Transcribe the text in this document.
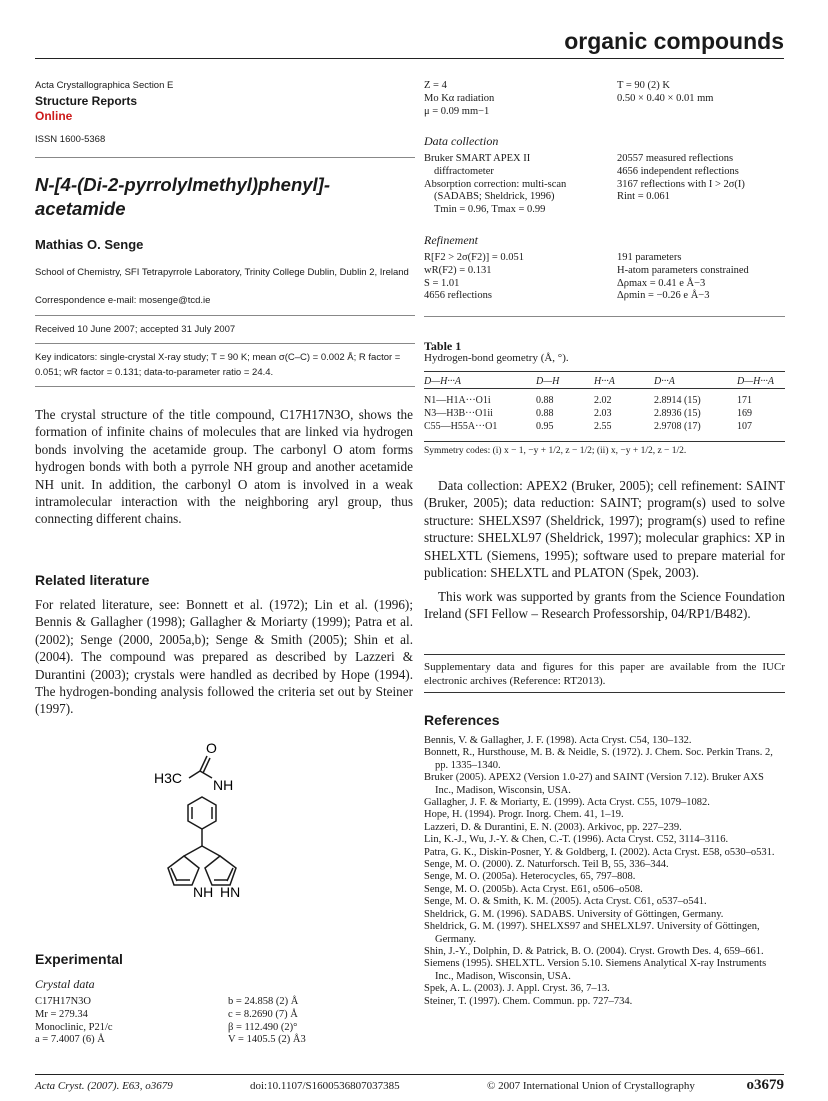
organic compounds
Acta Crystallographica Section E
Structure Reports
Online
ISSN 1600-5368
N-[4-(Di-2-pyrrolylmethyl)phenyl]-
acetamide
Mathias O. Senge
School of Chemistry, SFI Tetrapyrrole Laboratory, Trinity College Dublin, Dublin 2, Ireland
Correspondence e-mail: mosenge@tcd.ie
Received 10 June 2007; accepted 31 July 2007
Key indicators: single-crystal X-ray study; T = 90 K; mean σ(C–C) = 0.002 Å; R factor = 0.051; wR factor = 0.131; data-to-parameter ratio = 24.4.
The crystal structure of the title compound, C17H17N3O, shows the formation of infinite chains of molecules that are linked via hydrogen bonds involving the acetamide group. The carbonyl O atom forms hydrogen bonds with both a pyrrole NH group and another acetamide NH unit. In addition, the carbonyl O atom is involved in a weak intramolecular interaction with the neighboring aryl group, thus connecting different chains.
Related literature
For related literature, see: Bonnett et al. (1972); Lin et al. (1996); Bennis & Gallagher (1998); Gallagher & Moriarty (1999); Patra et al. (2002); Senge (2000, 2005a,b); Senge & Smith (2005); Shin et al. (2004). The compound was prepared as described by Lazzeri & Durantini (2003); crystals were handled as decribed by Hope (1994). The hydrogen-bonding analysis followed the criteria set out by Steiner (1997).
O
H3C NH
NH HN
Experimental
Crystal data
C17H17N3O
Mr = 279.34
Monoclinic, P21/c
a = 7.4007 (6) Å
b = 24.858 (2) Å
c = 8.2690 (7) Å
β = 112.490 (2)°
V = 1405.5 (2) Å3
Z = 4
Mo Kα radiation
μ = 0.09 mm−1
T = 90 (2) K
0.50 × 0.40 × 0.01 mm
Data collection
Bruker SMART APEX II
diffractometer
Absorption correction: multi-scan
(SADABS; Sheldrick, 1996)
Tmin = 0.96, Tmax = 0.99
20557 measured reflections
4656 independent reflections
3167 reflections with I > 2σ(I)
Rint = 0.061
Refinement
R[F2 > 2σ(F2)] = 0.051
wR(F2) = 0.131
S = 1.01
4656 reflections
191 parameters
H-atom parameters constrained
Δρmax = 0.41 e Å−3
Δρmin = −0.26 e Å−3
Table 1
Hydrogen-bond geometry (Å, °).
D—H···A	D—H	H···A	D···A	D—H···A

N1—H1A···O1i	0.88	2.02	2.8914 (15)	171
N3—H3B···O1ii	0.88	2.03	2.8936 (15)	169
C55—H55A···O1	0.95	2.55	2.9708 (17)	107
Symmetry codes: (i) x − 1, −y + 1/2, z − 1/2; (ii) x, −y + 1/2, z − 1/2.
Data collection: APEX2 (Bruker, 2005); cell refinement: SAINT (Bruker, 2005); data reduction: SAINT; program(s) used to solve structure: SHELXS97 (Sheldrick, 1997); program(s) used to refine structure: SHELXL97 (Sheldrick, 1997); molecular graphics: XP in SHELXTL (Siemens, 1995); software used to prepare material for publication: SHELXTL and PLATON (Spek, 2003).
This work was supported by grants from the Science Foundation Ireland (SFI Fellow – Research Professorship, 04/RP1/B482).
Supplementary data and figures for this paper are available from the IUCr electronic archives (Reference: RT2013).
References
Bennis, V. & Gallagher, J. F. (1998). Acta Cryst. C54, 130–132.
Bonnett, R., Hursthouse, M. B. & Neidle, S. (1972). J. Chem. Soc. Perkin Trans. 2, pp. 1335–1340.
Bruker (2005). APEX2 (Version 1.0-27) and SAINT (Version 7.12). Bruker AXS Inc., Madison, Wisconsin, USA.
Gallagher, J. F. & Moriarty, E. (1999). Acta Cryst. C55, 1079–1082.
Hope, H. (1994). Progr. Inorg. Chem. 41, 1–19.
Lazzeri, D. & Durantini, E. N. (2003). Arkivoc, pp. 227–239.
Lin, K.-J., Wu, J.-Y. & Chen, C.-T. (1996). Acta Cryst. C52, 3114–3116.
Patra, G. K., Diskin-Posner, Y. & Goldberg, I. (2002). Acta Cryst. E58, o530–o531.
Senge, M. O. (2000). Z. Naturforsch. Teil B, 55, 336–344.
Senge, M. O. (2005a). Heterocycles, 65, 797–808.
Senge, M. O. (2005b). Acta Cryst. E61, o506–o508.
Senge, M. O. & Smith, K. M. (2005). Acta Cryst. C61, o537–o541.
Sheldrick, G. M. (1996). SADABS. University of Göttingen, Germany.
Sheldrick, G. M. (1997). SHELXS97 and SHELXL97. University of Göttingen, Germany.
Shin, J.-Y., Dolphin, D. & Patrick, B. O. (2004). Cryst. Growth Des. 4, 659–661.
Siemens (1995). SHELXTL. Version 5.10. Siemens Analytical X-ray Instruments Inc., Madison, Wisconsin, USA.
Spek, A. L. (2003). J. Appl. Cryst. 36, 7–13.
Steiner, T. (1997). Chem. Commun. pp. 727–734.
Acta Cryst. (2007). E63, o3679	doi:10.1107/S1600536807037385	© 2007 International Union of Crystallography	o3679
